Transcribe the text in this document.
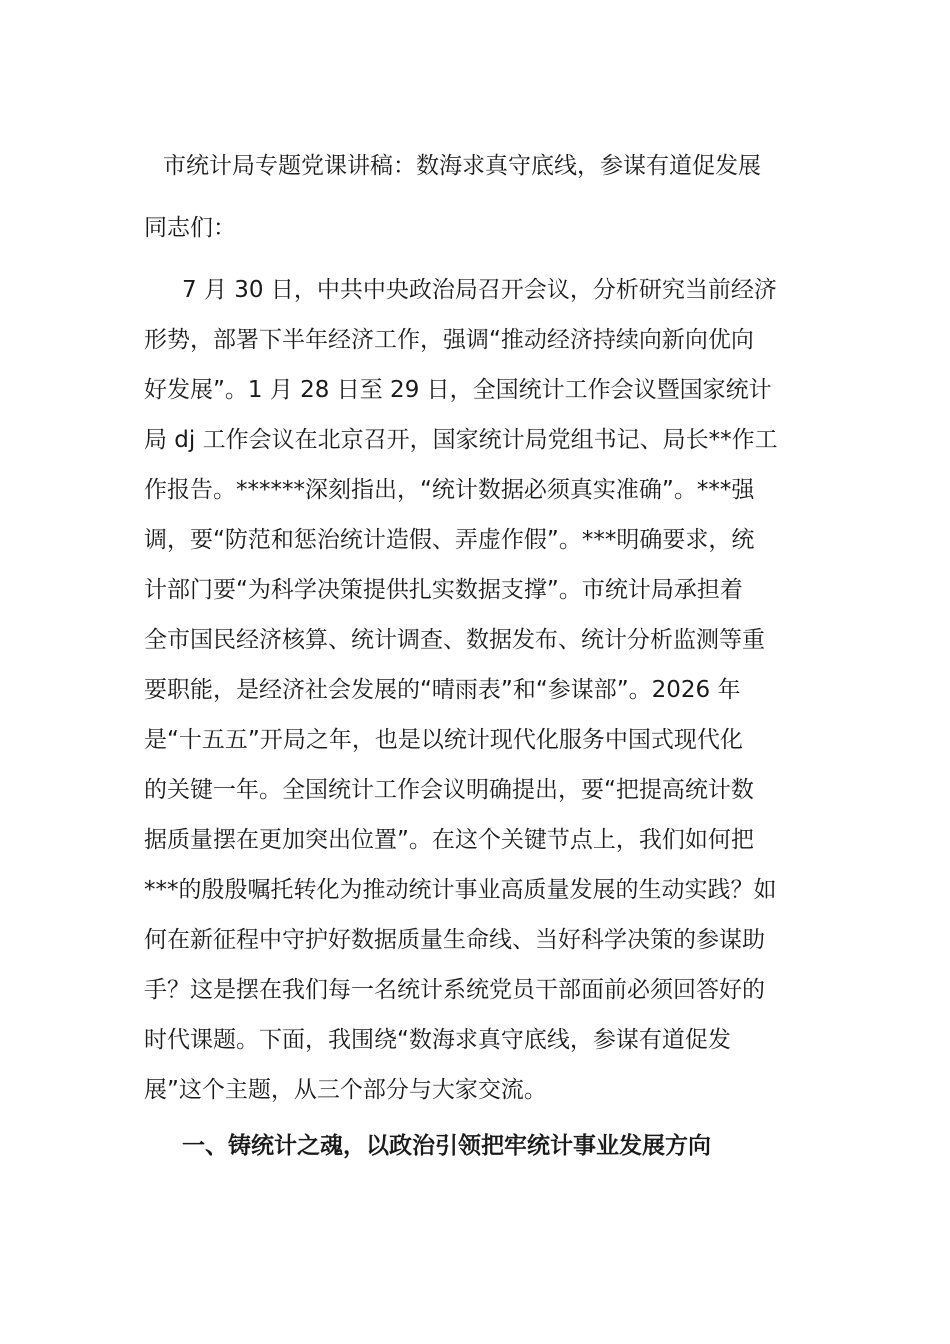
市统计局专题党课讲稿：数海求真守底线，参谋有道促发展

同志们：

7 月 30 日，中共中央政治局召开会议，分析研究当前经济
形势，部署下半年经济工作，强调“推动经济持续向新向优向
好发展”。1 月 28 日至 29 日，全国统计工作会议暨国家统计
局 dj 工作会议在北京召开，国家统计局党组书记、局长**作工
作报告。******深刻指出，“统计数据必须真实准确”。***强
调，要“防范和惩治统计造假、弄虚作假”。***明确要求，统
计部门要“为科学决策提供扎实数据支撑”。市统计局承担着
全市国民经济核算、统计调查、数据发布、统计分析监测等重
要职能，是经济社会发展的“晴雨表”和“参谋部”。2026 年
是“十五五”开局之年，也是以统计现代化服务中国式现代化
的关键一年。全国统计工作会议明确提出，要“把提高统计数
据质量摆在更加突出位置”。在这个关键节点上，我们如何把
***的殷殷嘱托转化为推动统计事业高质量发展的生动实践？如
何在新征程中守护好数据质量生命线、当好科学决策的参谋助
手？这是摆在我们每一名统计系统党员干部面前必须回答好的
时代课题。下面，我围绕“数海求真守底线，参谋有道促发
展”这个主题，从三个部分与大家交流。
一、铸统计之魂，以政治引领把牢统计事业发展方向
